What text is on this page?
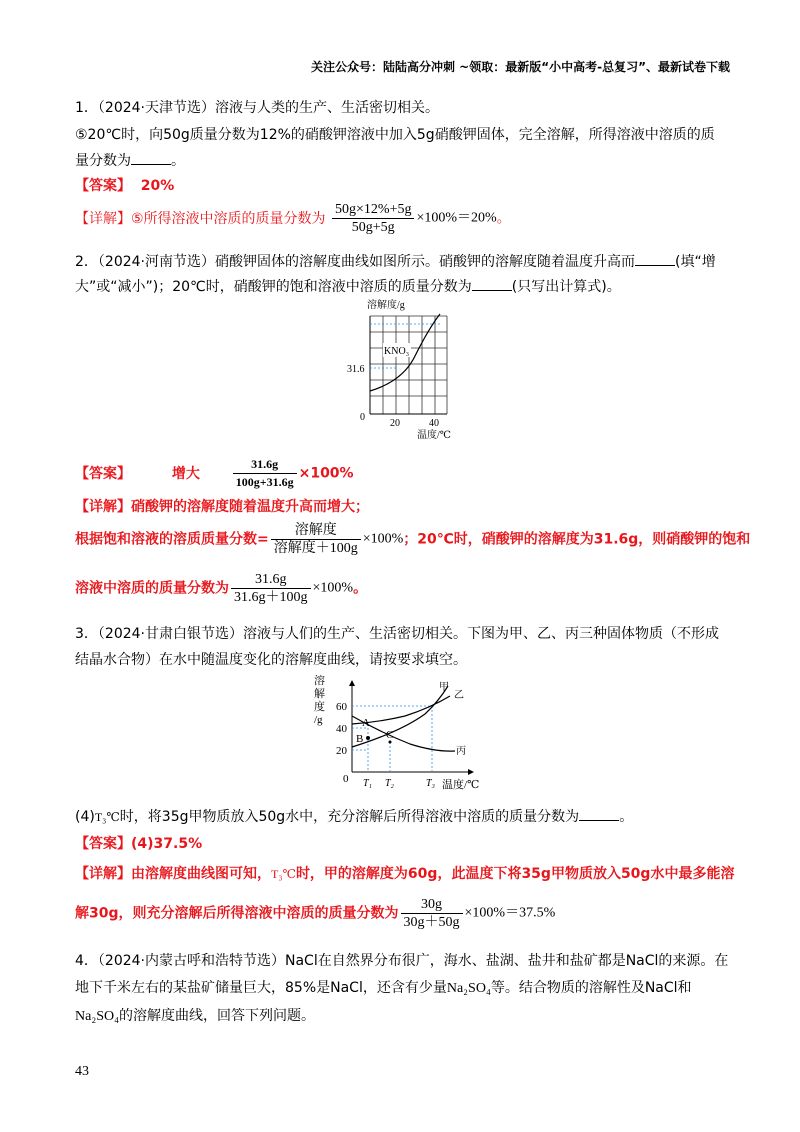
关注公众号：陆陆高分冲刺 ~领取：最新版“小中高考-总复习”、最新试卷下载
1．（2024·天津节选）溶液与人类的生产、生活密切相关。
⑤20℃时，向50g质量分数为12%的硝酸钾溶液中加入5g硝酸钾固体，完全溶解，所得溶液中溶质的质
量分数为	。
【答案】 20%
【详解】⑤所得溶液中溶质的质量分数为 $\frac{50g\times 12\%+5g}{50g+5g} \times 100\%=20\%$。
2．（2024·河南节选）硝酸钾固体的溶解度曲线如图所示。硝酸钾的溶解度随着温度升高而	(填“增
大”或“减小”)；20℃时，硝酸钾的饱和溶液中溶质的质量分数为	(只写出计算式)。
溶解度/g
KNO₃
31.6
0
20	40
温度/℃
【答案】	增大	$\frac{31.6g}{100g+31.6g} \times 100\%$
【详解】硝酸钾的溶解度随着温度升高而增大；
根据饱和溶液的溶质质量分数= $\frac{\text{溶解度}}{\text{溶解度＋100g}} \times 100\%$；20℃时，硝酸钾的溶解度为31.6g，则硝酸钾的饱和
溶液中溶质的质量分数为 $\frac{31.6g}{31.6g+100g} \times 100\%$。
3．（2024·甘肃白银节选）溶液与人们的生产、生活密切相关。下图为甲、乙、丙三种固体物质（不形成
结晶水合物）在水中随温度变化的溶解度曲线，请按要求填空。
溶
解
度
/g	A
B C
甲
乙
丙
60
40
20
0 T₁ T₂	T₃ 温度/℃
(4)T₃℃时，将35g甲物质放入50g水中，充分溶解后所得溶液中溶质的质量分数为	。
【答案】(4)37.5%
【详解】由溶解度曲线图可知，T₃℃时，甲的溶解度为60g，此温度下将35g甲物质放入50g水中最多能溶
解30g，则充分溶解后所得溶液中溶质的质量分数为 $\frac{30g}{30g+50g} \times 100\%=37.5\%$
4．（2024·内蒙古呼和浩特节选）NaCl在自然界分布很广，海水、盐湖、盐井和盐矿都是NaCl的来源。在
地下千米左右的某盐矿储量巨大，85%是NaCl，还含有少量Na₂SO₄等。结合物质的溶解性及NaCl和
Na₂SO₄的溶解度曲线，回答下列问题。
43
